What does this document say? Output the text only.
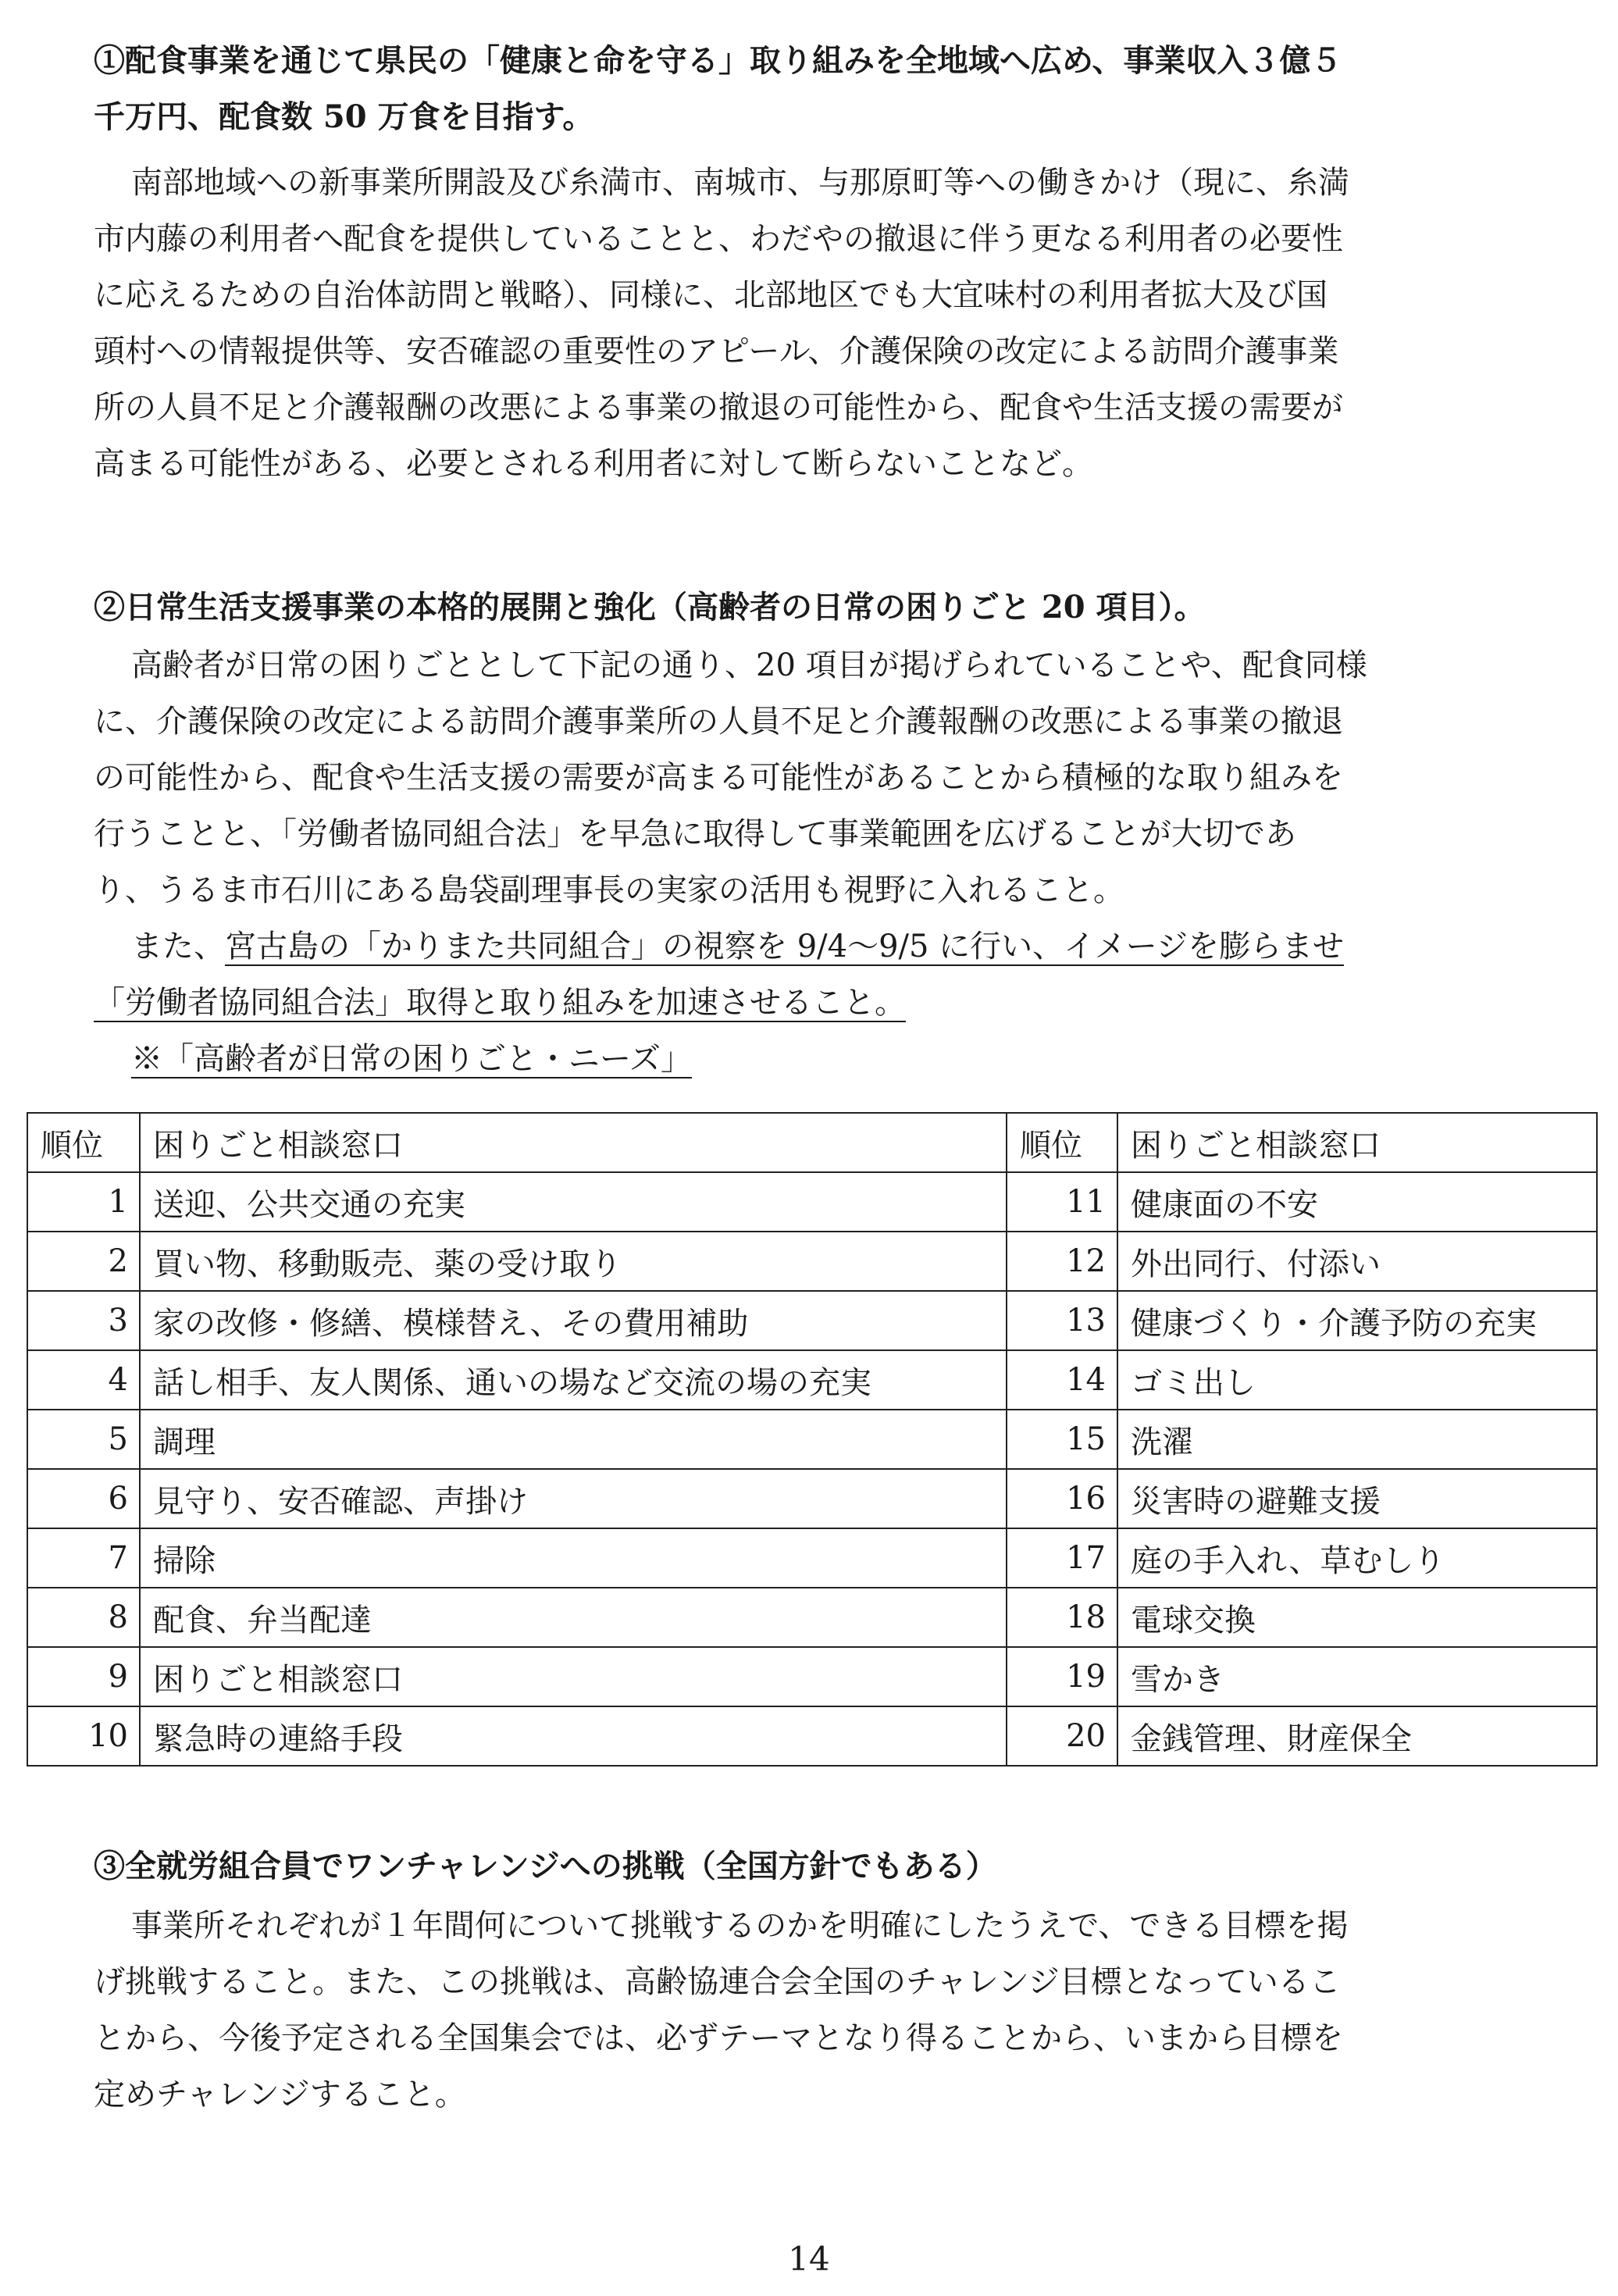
①配食事業を通じて県民の「健康と命を守る」取り組みを全地域へ広め、事業収入３億５
千万円、配食数 50 万食を目指す。
南部地域への新事業所開設及び糸満市、南城市、与那原町等への働きかけ（現に、糸満
市内藤の利用者へ配食を提供していることと、わだやの撤退に伴う更なる利用者の必要性
に応えるための自治体訪問と戦略）、同様に、北部地区でも大宜味村の利用者拡大及び国
頭村への情報提供等、安否確認の重要性のアピール、介護保険の改定による訪問介護事業
所の人員不足と介護報酬の改悪による事業の撤退の可能性から、配食や生活支援の需要が
高まる可能性がある、必要とされる利用者に対して断らないことなど。
②日常生活支援事業の本格的展開と強化（高齢者の日常の困りごと 20 項目）。
高齢者が日常の困りごととして下記の通り、20 項目が掲げられていることや、配食同様
に、介護保険の改定による訪問介護事業所の人員不足と介護報酬の改悪による事業の撤退
の可能性から、配食や生活支援の需要が高まる可能性があることから積極的な取り組みを
行うことと、「労働者協同組合法」を早急に取得して事業範囲を広げることが大切であ
り、うるま市石川にある島袋副理事長の実家の活用も視野に入れること。
また、宮古島の「かりまた共同組合」の視察を 9/4～9/5 に行い、イメージを膨らませ
「労働者協同組合法」取得と取り組みを加速させること。
※「高齢者が日常の困りごと・ニーズ」
順位	困りごと相談窓口	順位	困りごと相談窓口
1	送迎、公共交通の充実	11	健康面の不安
2	買い物、移動販売、薬の受け取り	12	外出同行、付添い
3	家の改修・修繕、模様替え、その費用補助	13	健康づくり・介護予防の充実
4	話し相手、友人関係、通いの場など交流の場の充実	14	ゴミ出し
5	調理	15	洗濯
6	見守り、安否確認、声掛け	16	災害時の避難支援
7	掃除	17	庭の手入れ、草むしり
8	配食、弁当配達	18	電球交換
9	困りごと相談窓口	19	雪かき
10	緊急時の連絡手段	20	金銭管理、財産保全
③全就労組合員でワンチャレンジへの挑戦（全国方針でもある）
事業所それぞれが１年間何について挑戦するのかを明確にしたうえで、できる目標を掲
げ挑戦すること。また、この挑戦は、高齢協連合会全国のチャレンジ目標となっているこ
とから、今後予定される全国集会では、必ずテーマとなり得ることから、いまから目標を
定めチャレンジすること。
14
